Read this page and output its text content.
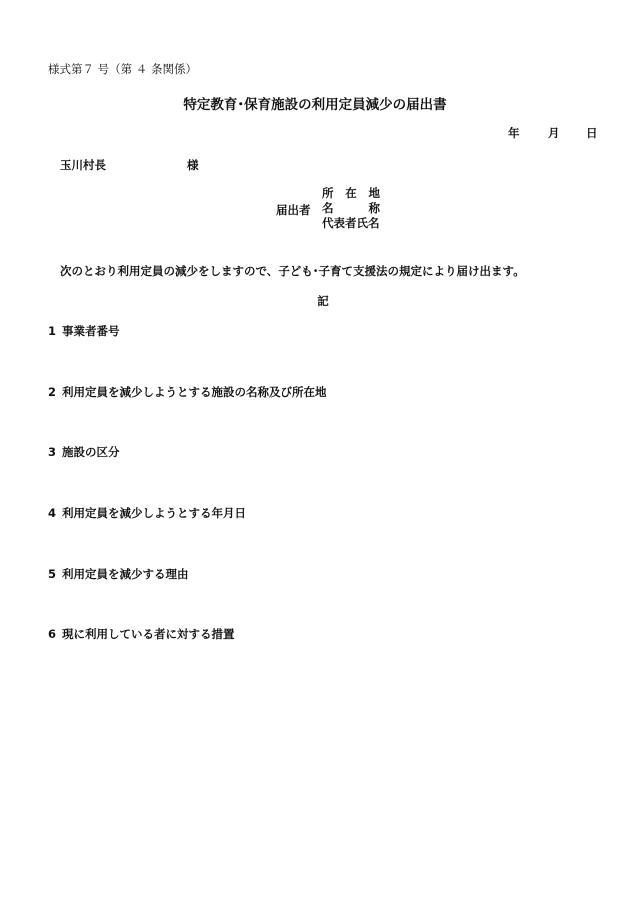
様式第７ 号（第 ４ 条関係）
特定教育･保育施設の利用定員減少の届出書
年 月 日
玉川村長	様
届出者
所 在 地
名 称
代表者氏名
次のとおり利用定員の減少をしますので、子ども･子育て支援法の規定により届け出ます。
記
1 事業者番号
2 利用定員を減少しようとする施設の名称及び所在地
3 施設の区分
4 利用定員を減少しようとする年月日
5 利用定員を減少する理由
6 現に利用している者に対する措置
